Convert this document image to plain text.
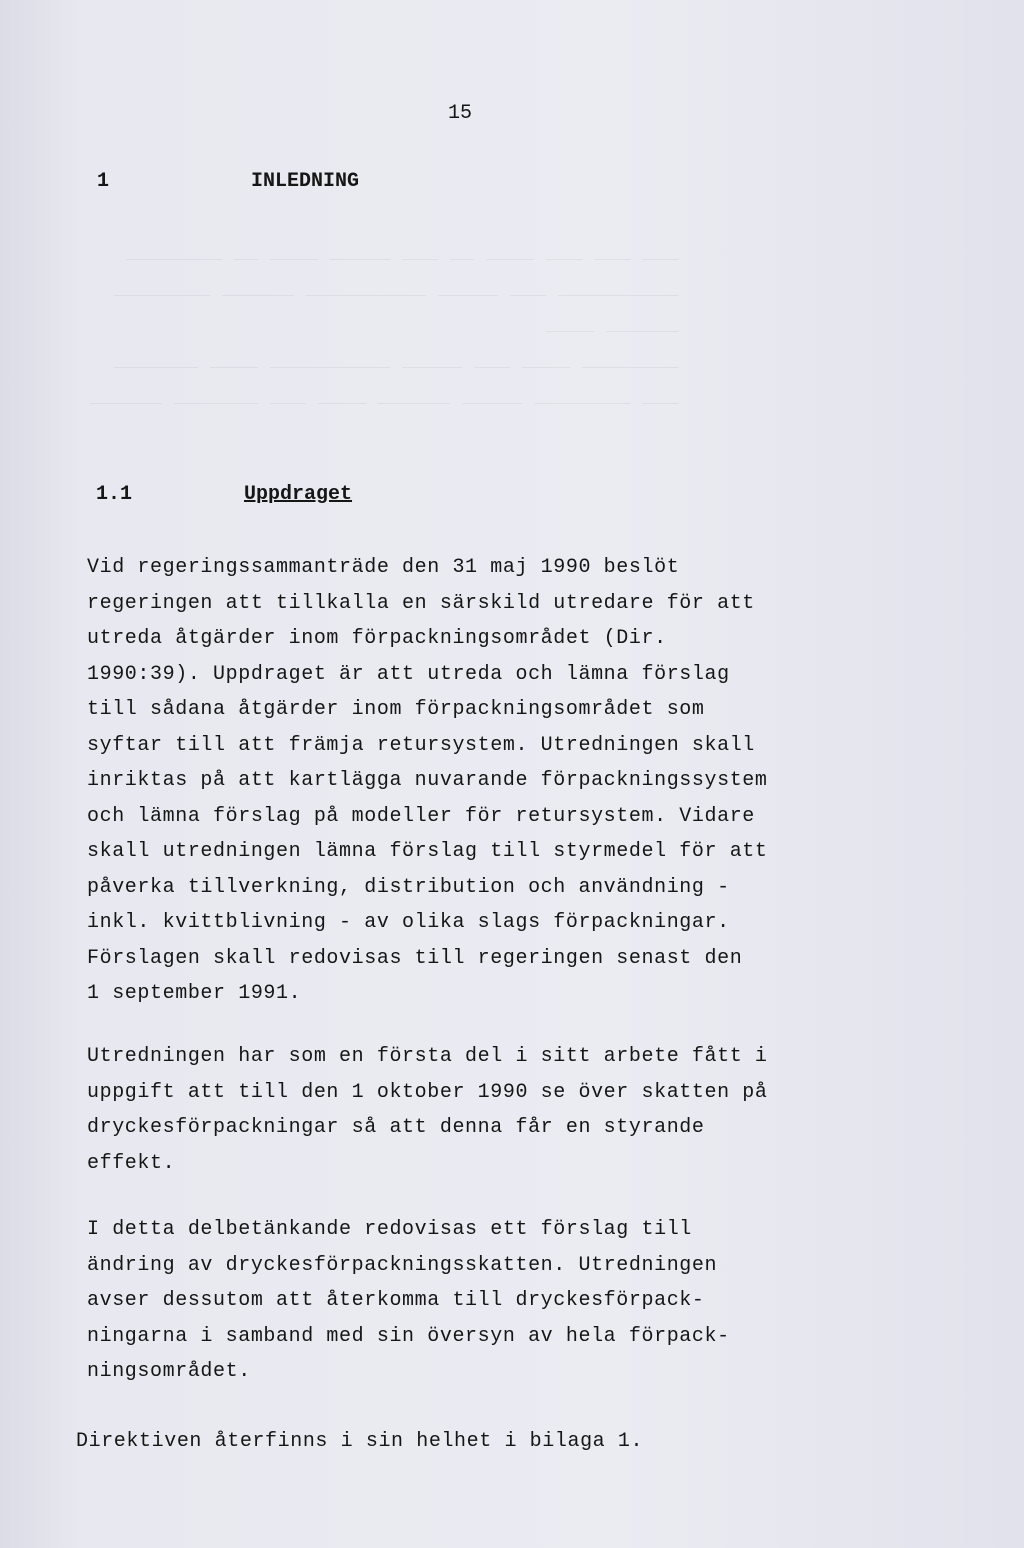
___ ___ ___ ____ __ ___ _____ ____ __ ________
__________ ___ _____ __________ ______ ________
______ ____
________ ____ ___ _____ __________ ____ _______
___ ________ _____ ______ ____ ___ _______ ______
15
1	INLEDNING
1.1	Uppdraget

Vid regeringssammanträde den 31 maj 1990 beslöt
regeringen att tillkalla en särskild utredare för att
utreda åtgärder inom förpackningsområdet (Dir.
1990:39). Uppdraget är att utreda och lämna förslag
till sådana åtgärder inom förpackningsområdet som
syftar till att främja retursystem. Utredningen skall
inriktas på att kartlägga nuvarande förpackningssystem
och lämna förslag på modeller för retursystem. Vidare
skall utredningen lämna förslag till styrmedel för att
påverka tillverkning, distribution och användning -
inkl. kvittblivning - av olika slags förpackningar.
Förslagen skall redovisas till regeringen senast den
1 september 1991.

Utredningen har som en första del i sitt arbete fått i
uppgift att till den 1 oktober 1990 se över skatten på
dryckesförpackningar så att denna får en styrande
effekt.

I detta delbetänkande redovisas ett förslag till
ändring av dryckesförpackningsskatten. Utredningen
avser dessutom att återkomma till dryckesförpack-
ningarna i samband med sin översyn av hela förpack-
ningsområdet.

Direktiven återfinns i sin helhet i bilaga 1.
